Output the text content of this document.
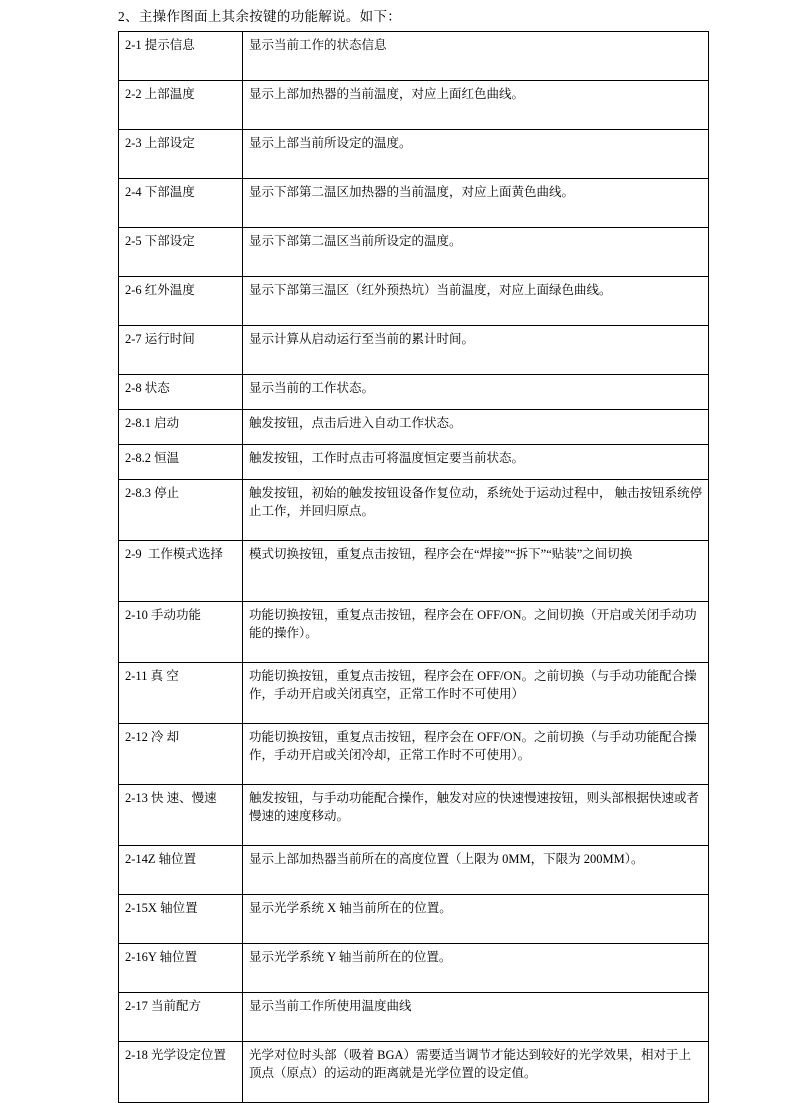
2、主操作图面上其余按键的功能解说。如下：

2-1 提示信息	显示当前工作的状态信息

2-2 上部温度	显示上部加热器的当前温度，对应上面红色曲线。

2-3 上部设定	显示上部当前所设定的温度。

2-4 下部温度	显示下部第二温区加热器的当前温度，对应上面黄色曲线。

2-5 下部设定	显示下部第二温区当前所设定的温度。

2-6 红外温度	显示下部第三温区（红外预热坑）当前温度，对应上面绿色曲线。

2-7 运行时间	显示计算从启动运行至当前的累计时间。

2-8 状态	显示当前的工作状态。

2-8.1 启动	触发按钮，点击后进入自动工作状态。

2-8.2 恒温	触发按钮，工作时点击可将温度恒定要当前状态。

2-8.3 停止	触发按钮，初始的触发按钮设备作复位动，系统处于运动过程中， 触击按钮系统停止工作，并回归原点。

2-9  工作模式选择	模式切换按钮，重复点击按钮，程序会在“焊接”“拆下”“贴装”之间切换

2-10 手动功能	功能切换按钮，重复点击按钮，程序会在 OFF/ON。之间切换（开启或关闭手动功能的操作）。

2-11 真 空	功能切换按钮，重复点击按钮，程序会在 OFF/ON。之前切换（与手动功能配合操作，手动开启或关闭真空，正常工作时不可使用）

2-12 冷 却	功能切换按钮，重复点击按钮，程序会在 OFF/ON。之前切换（与手动功能配合操作，手动开启或关闭冷却，正常工作时不可使用）。

2-13 快 速、慢速	触发按钮，与手动功能配合操作，触发对应的快速慢速按钮，则头部根据快速或者慢速的速度移动。

2-14Z 轴位置	显示上部加热器当前所在的高度位置（上限为 0MM，下限为 200MM）。

2-15X 轴位置	显示光学系统 X 轴当前所在的位置。

2-16Y 轴位置	显示光学系统 Y 轴当前所在的位置。

2-17 当前配方	显示当前工作所使用温度曲线

2-18 光学设定位置	光学对位时头部（吸着 BGA）需要适当调节才能达到较好的光学效果，相对于上顶点（原点）的运动的距离就是光学位置的设定值。
